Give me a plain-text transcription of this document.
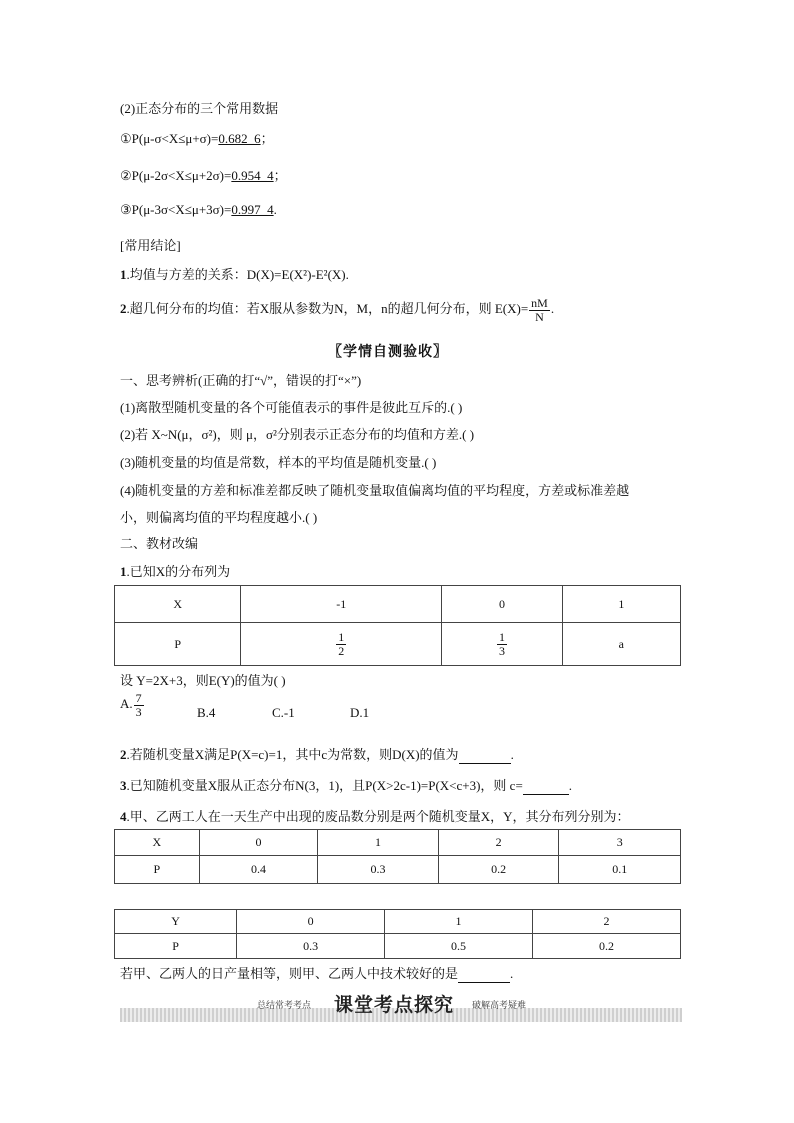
(2)正态分布的三个常用数据
①P(μ-σ<X≤μ+σ)=0.682_6；
②P(μ-2σ<X≤μ+2σ)=0.954_4；
③P(μ-3σ<X≤μ+3σ)=0.997_4.
[常用结论]
1.均值与方差的关系：D(X)=E(X²)-E²(X).
2.超几何分布的均值：若X服从参数为N，M，n的超几何分布，则 $E(X)= \frac{nM}{N}$ .
〖学情自测验收〗
一、思考辨析(正确的打“√”，错误的打“×”)
(1)离散型随机变量的各个可能值表示的事件是彼此互斥的.( )
(2)若 X~N(μ，σ²)，则 μ，σ²分别表示正态分布的均值和方差.( )
(3)随机变量的均值是常数，样本的平均值是随机变量.( )
(4)随机变量的方差和标准差都反映了随机变量取值偏离均值的平均程度，方差或标准差越
小，则偏离均值的平均程度越小.( )
二、教材改编
1.已知X的分布列为
X	-1	0	1
P	$\frac{1}{2}$	$\frac{1}{3}$	a
设 Y=2X+3，则E(Y)的值为( )
A. $\frac{7}{3}$	B.4	C.-1	D.1
2.若随机变量X满足P(X=c)=1，其中c为常数，则D(X)的值为	.
3.已知随机变量X服从正态分布N(3，1)，且P(X>2c-1)=P(X<c+3)，则 c=	.
4.甲、乙两工人在一天生产中出现的废品数分别是两个随机变量X，Y，其分布列分别为：
X	0	1	2	3
P	0.4	0.3	0.2	0.1
Y	0	1	2
P	0.3	0.5	0.2
若甲、乙两人的日产量相等，则甲、乙两人中技术较好的是	.
总结常考考点 课堂考点探究 破解高考疑难
